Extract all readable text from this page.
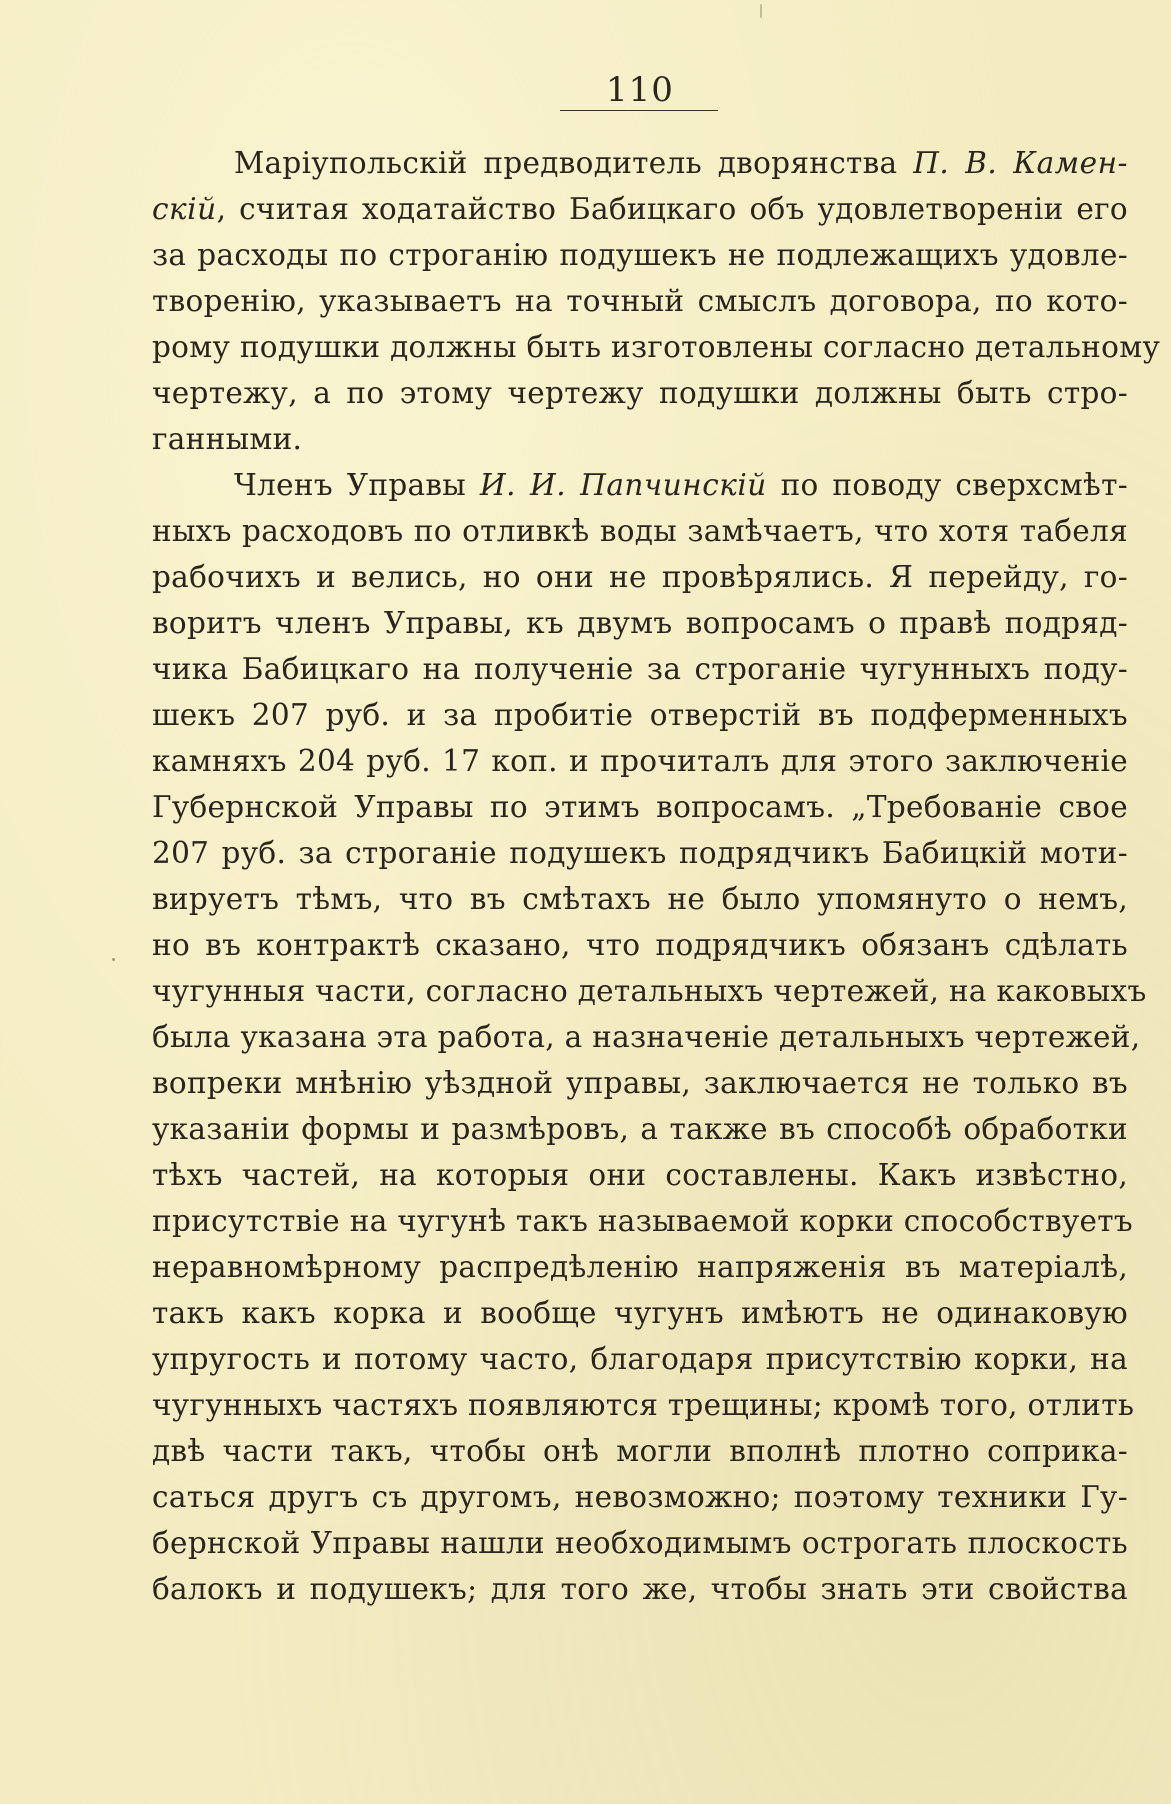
110
Маріупольскій предводитель дворянства П. В. Камен-
скій, считая ходатайство Бабицкаго объ удовлетвореніи его
за расходы по строганію подушекъ не подлежащихъ удовле-
творенію, указываетъ на точный смыслъ договора, по кото-
рому подушки должны быть изготовлены согласно детальному
чертежу, а по этому чертежу подушки должны быть стро-
ганными.
Членъ Управы И. И. Папчинскій по поводу сверхсмѣт-
ныхъ расходовъ по отливкѣ воды замѣчаетъ, что хотя табеля
рабочихъ и велись, но они не провѣрялись. Я перейду, го-
воритъ членъ Управы, къ двумъ вопросамъ о правѣ подряд-
чика Бабицкаго на полученіе за строганіе чугунныхъ поду-
шекъ 207 руб. и за пробитіе отверстій въ подферменныхъ
камняхъ 204 руб. 17 коп. и прочиталъ для этого заключеніе
Губернской Управы по этимъ вопросамъ. „Требованіе свое
207 руб. за строганіе подушекъ подрядчикъ Бабицкій моти-
вируетъ тѣмъ, что въ смѣтахъ не было упомянуто о немъ,
но въ контрактѣ сказано, что подрядчикъ обязанъ сдѣлать
чугунныя части, согласно детальныхъ чертежей, на каковыхъ
была указана эта работа, а назначеніе детальныхъ чертежей,
вопреки мнѣнію уѣздной управы, заключается не только въ
указаніи формы и размѣровъ, а также въ способѣ обработки
тѣхъ частей, на которыя они составлены. Какъ извѣстно,
присутствіе на чугунѣ такъ называемой корки способствуетъ
неравномѣрному распредѣленію напряженія въ матеріалѣ,
такъ какъ корка и вообще чугунъ имѣютъ не одинаковую
упругость и потому часто, благодаря присутствію корки, на
чугунныхъ частяхъ появляются трещины; кромѣ того, отлить
двѣ части такъ, чтобы онѣ могли вполнѣ плотно соприка-
саться другъ съ другомъ, невозможно; поэтому техники Гу-
бернской Управы нашли необходимымъ острогать плоскость
балокъ и подушекъ; для того же, чтобы знать эти свойства
